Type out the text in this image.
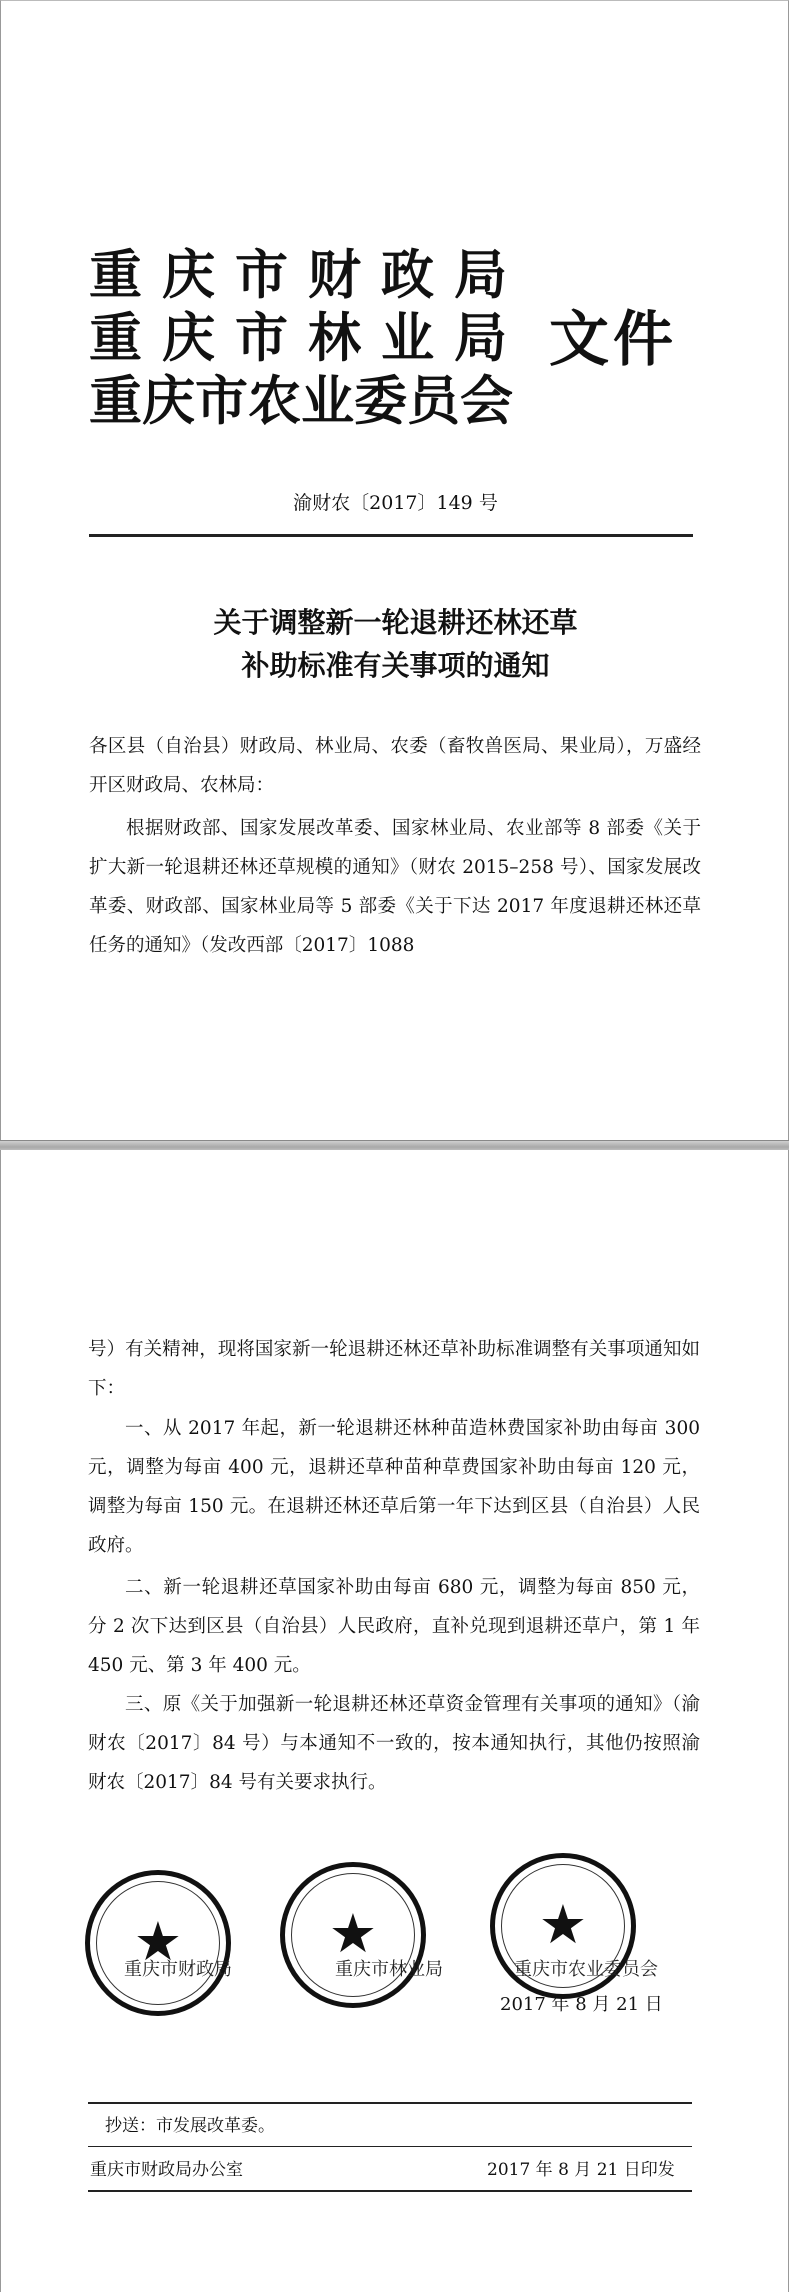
重庆市财政局
重庆市林业局
重庆市农业委员会
文件
渝财农〔2017〕149 号
关于调整新一轮退耕还林还草
补助标准有关事项的通知

各区县（自治县）财政局、林业局、农委（畜牧兽医局、果业局），万盛经开区财政局、农林局：

根据财政部、国家发展改革委、国家林业局、农业部等 8 部委《关于扩大新一轮退耕还林还草规模的通知》（财农 2015–258 号）、国家发展改革委、财政部、国家林业局等 5 部委《关于下达 2017 年度退耕还林还草任务的通知》（发改西部〔2017〕1088

号）有关精神，现将国家新一轮退耕还林还草补助标准调整有关事项通知如下：

一、从 2017 年起，新一轮退耕还林种苗造林费国家补助由每亩 300 元，调整为每亩 400 元，退耕还草种苗种草费国家补助由每亩 120 元，调整为每亩 150 元。在退耕还林还草后第一年下达到区县（自治县）人民政府。

二、新一轮退耕还草国家补助由每亩 680 元，调整为每亩 850 元，分 2 次下达到区县（自治县）人民政府，直补兑现到退耕还草户，第 1 年 450 元、第 3 年 400 元。

三、原《关于加强新一轮退耕还林还草资金管理有关事项的通知》（渝财农〔2017〕84 号）与本通知不一致的，按本通知执行，其他仍按照渝财农〔2017〕84 号有关要求执行。

★	★	★
重庆市财政局	重庆市林业局	重庆市农业委员会
2017 年 8 月 21 日
抄送：市发展改革委。
重庆市财政局办公室	2017 年 8 月 21 日印发
